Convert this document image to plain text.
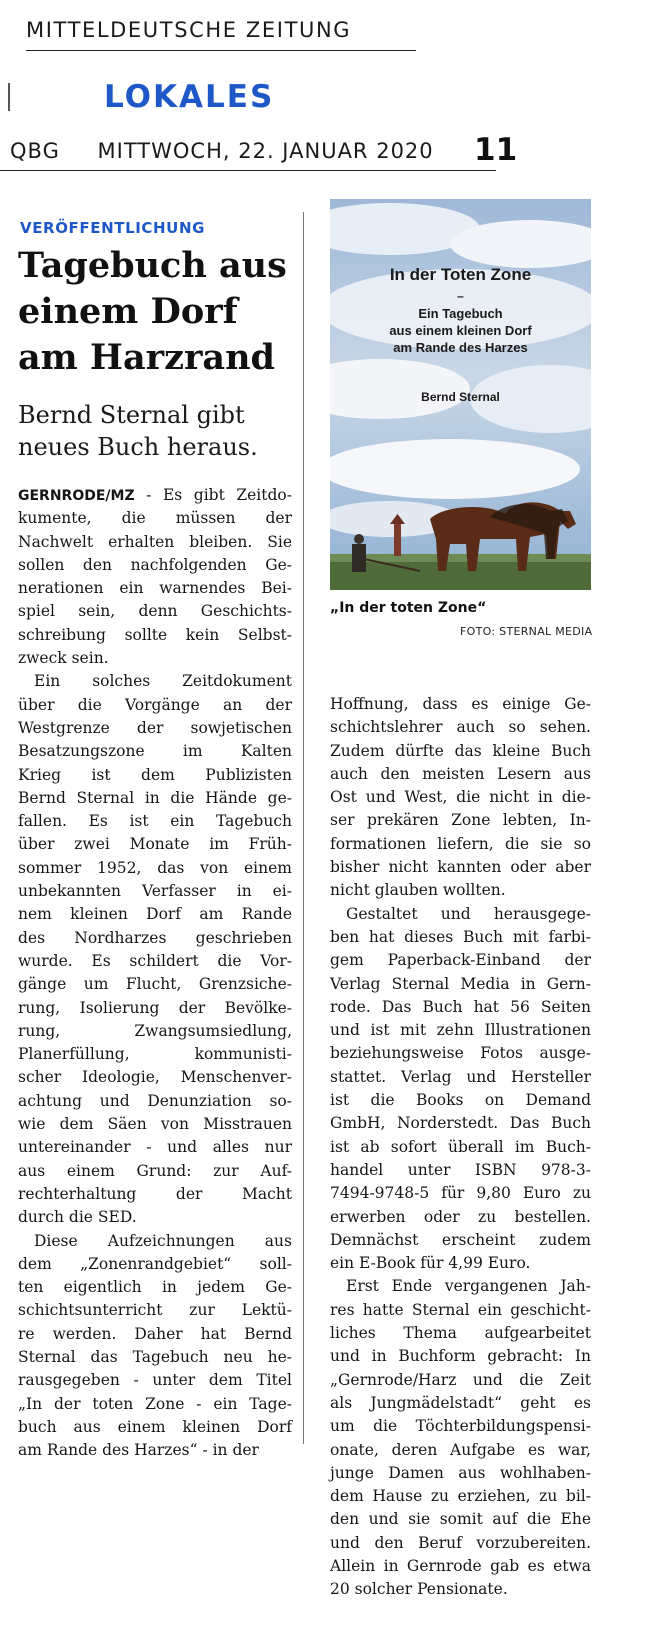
MITTELDEUTSCHE ZEITUNG
LOKALES
QBG MITTWOCH, 22. JANUAR 2020 11
VERÖFFENTLICHUNG
Tagebuch aus
einem Dorf
am Harzrand
Bernd Sternal gibt
neues Buch heraus.
GERNRODE/MZ - Es gibt Zeitdo-
kumente, die müssen der
Nachwelt erhalten bleiben. Sie
sollen den nachfolgenden Ge-
nerationen ein warnendes Bei-
spiel sein, denn Geschichts-
schreibung sollte kein Selbst-
zweck sein.
Ein solches Zeitdokument
über die Vorgänge an der
Westgrenze der sowjetischen
Besatzungszone im Kalten
Krieg ist dem Publizisten
Bernd Sternal in die Hände ge-
fallen. Es ist ein Tagebuch
über zwei Monate im Früh-
sommer 1952, das von einem
unbekannten Verfasser in ei-
nem kleinen Dorf am Rande
des Nordharzes geschrieben
wurde. Es schildert die Vor-
gänge um Flucht, Grenzsiche-
rung, Isolierung der Bevölke-
rung, Zwangsumsiedlung,
Planerfüllung, kommunisti-
scher Ideologie, Menschenver-
achtung und Denunziation so-
wie dem Säen von Misstrauen
untereinander - und alles nur
aus einem Grund: zur Auf-
rechterhaltung der Macht
durch die SED.
Diese Aufzeichnungen aus
dem „Zonenrandgebiet“ soll-
ten eigentlich in jedem Ge-
schichtsunterricht zur Lektü-
re werden. Daher hat Bernd
Sternal das Tagebuch neu he-
rausgegeben - unter dem Titel
„In der toten Zone - ein Tage-
buch aus einem kleinen Dorf
am Rande des Harzes“ - in der
In der Toten Zone
–
Ein Tagebuch
aus einem kleinen Dorf
am Rande des Harzes
Bernd Sternal
„In der toten Zone“
FOTO: STERNAL MEDIA
Hoffnung, dass es einige Ge-
schichtslehrer auch so sehen.
Zudem dürfte das kleine Buch
auch den meisten Lesern aus
Ost und West, die nicht in die-
ser prekären Zone lebten, In-
formationen liefern, die sie so
bisher nicht kannten oder aber
nicht glauben wollten.
Gestaltet und herausgege-
ben hat dieses Buch mit farbi-
gem Paperback-Einband der
Verlag Sternal Media in Gern-
rode. Das Buch hat 56 Seiten
und ist mit zehn Illustrationen
beziehungsweise Fotos ausge-
stattet. Verlag und Hersteller
ist die Books on Demand
GmbH, Norderstedt. Das Buch
ist ab sofort überall im Buch-
handel unter ISBN 978-3-
7494-9748-5 für 9,80 Euro zu
erwerben oder zu bestellen.
Demnächst erscheint zudem
ein E-Book für 4,99 Euro.
Erst Ende vergangenen Jah-
res hatte Sternal ein geschicht-
liches Thema aufgearbeitet
und in Buchform gebracht: In
„Gernrode/Harz und die Zeit
als Jungmädelstadt“ geht es
um die Töchterbildungspensi-
onate, deren Aufgabe es war,
junge Damen aus wohlhaben-
dem Hause zu erziehen, zu bil-
den und sie somit auf die Ehe
und den Beruf vorzubereiten.
Allein in Gernrode gab es etwa
20 solcher Pensionate.
